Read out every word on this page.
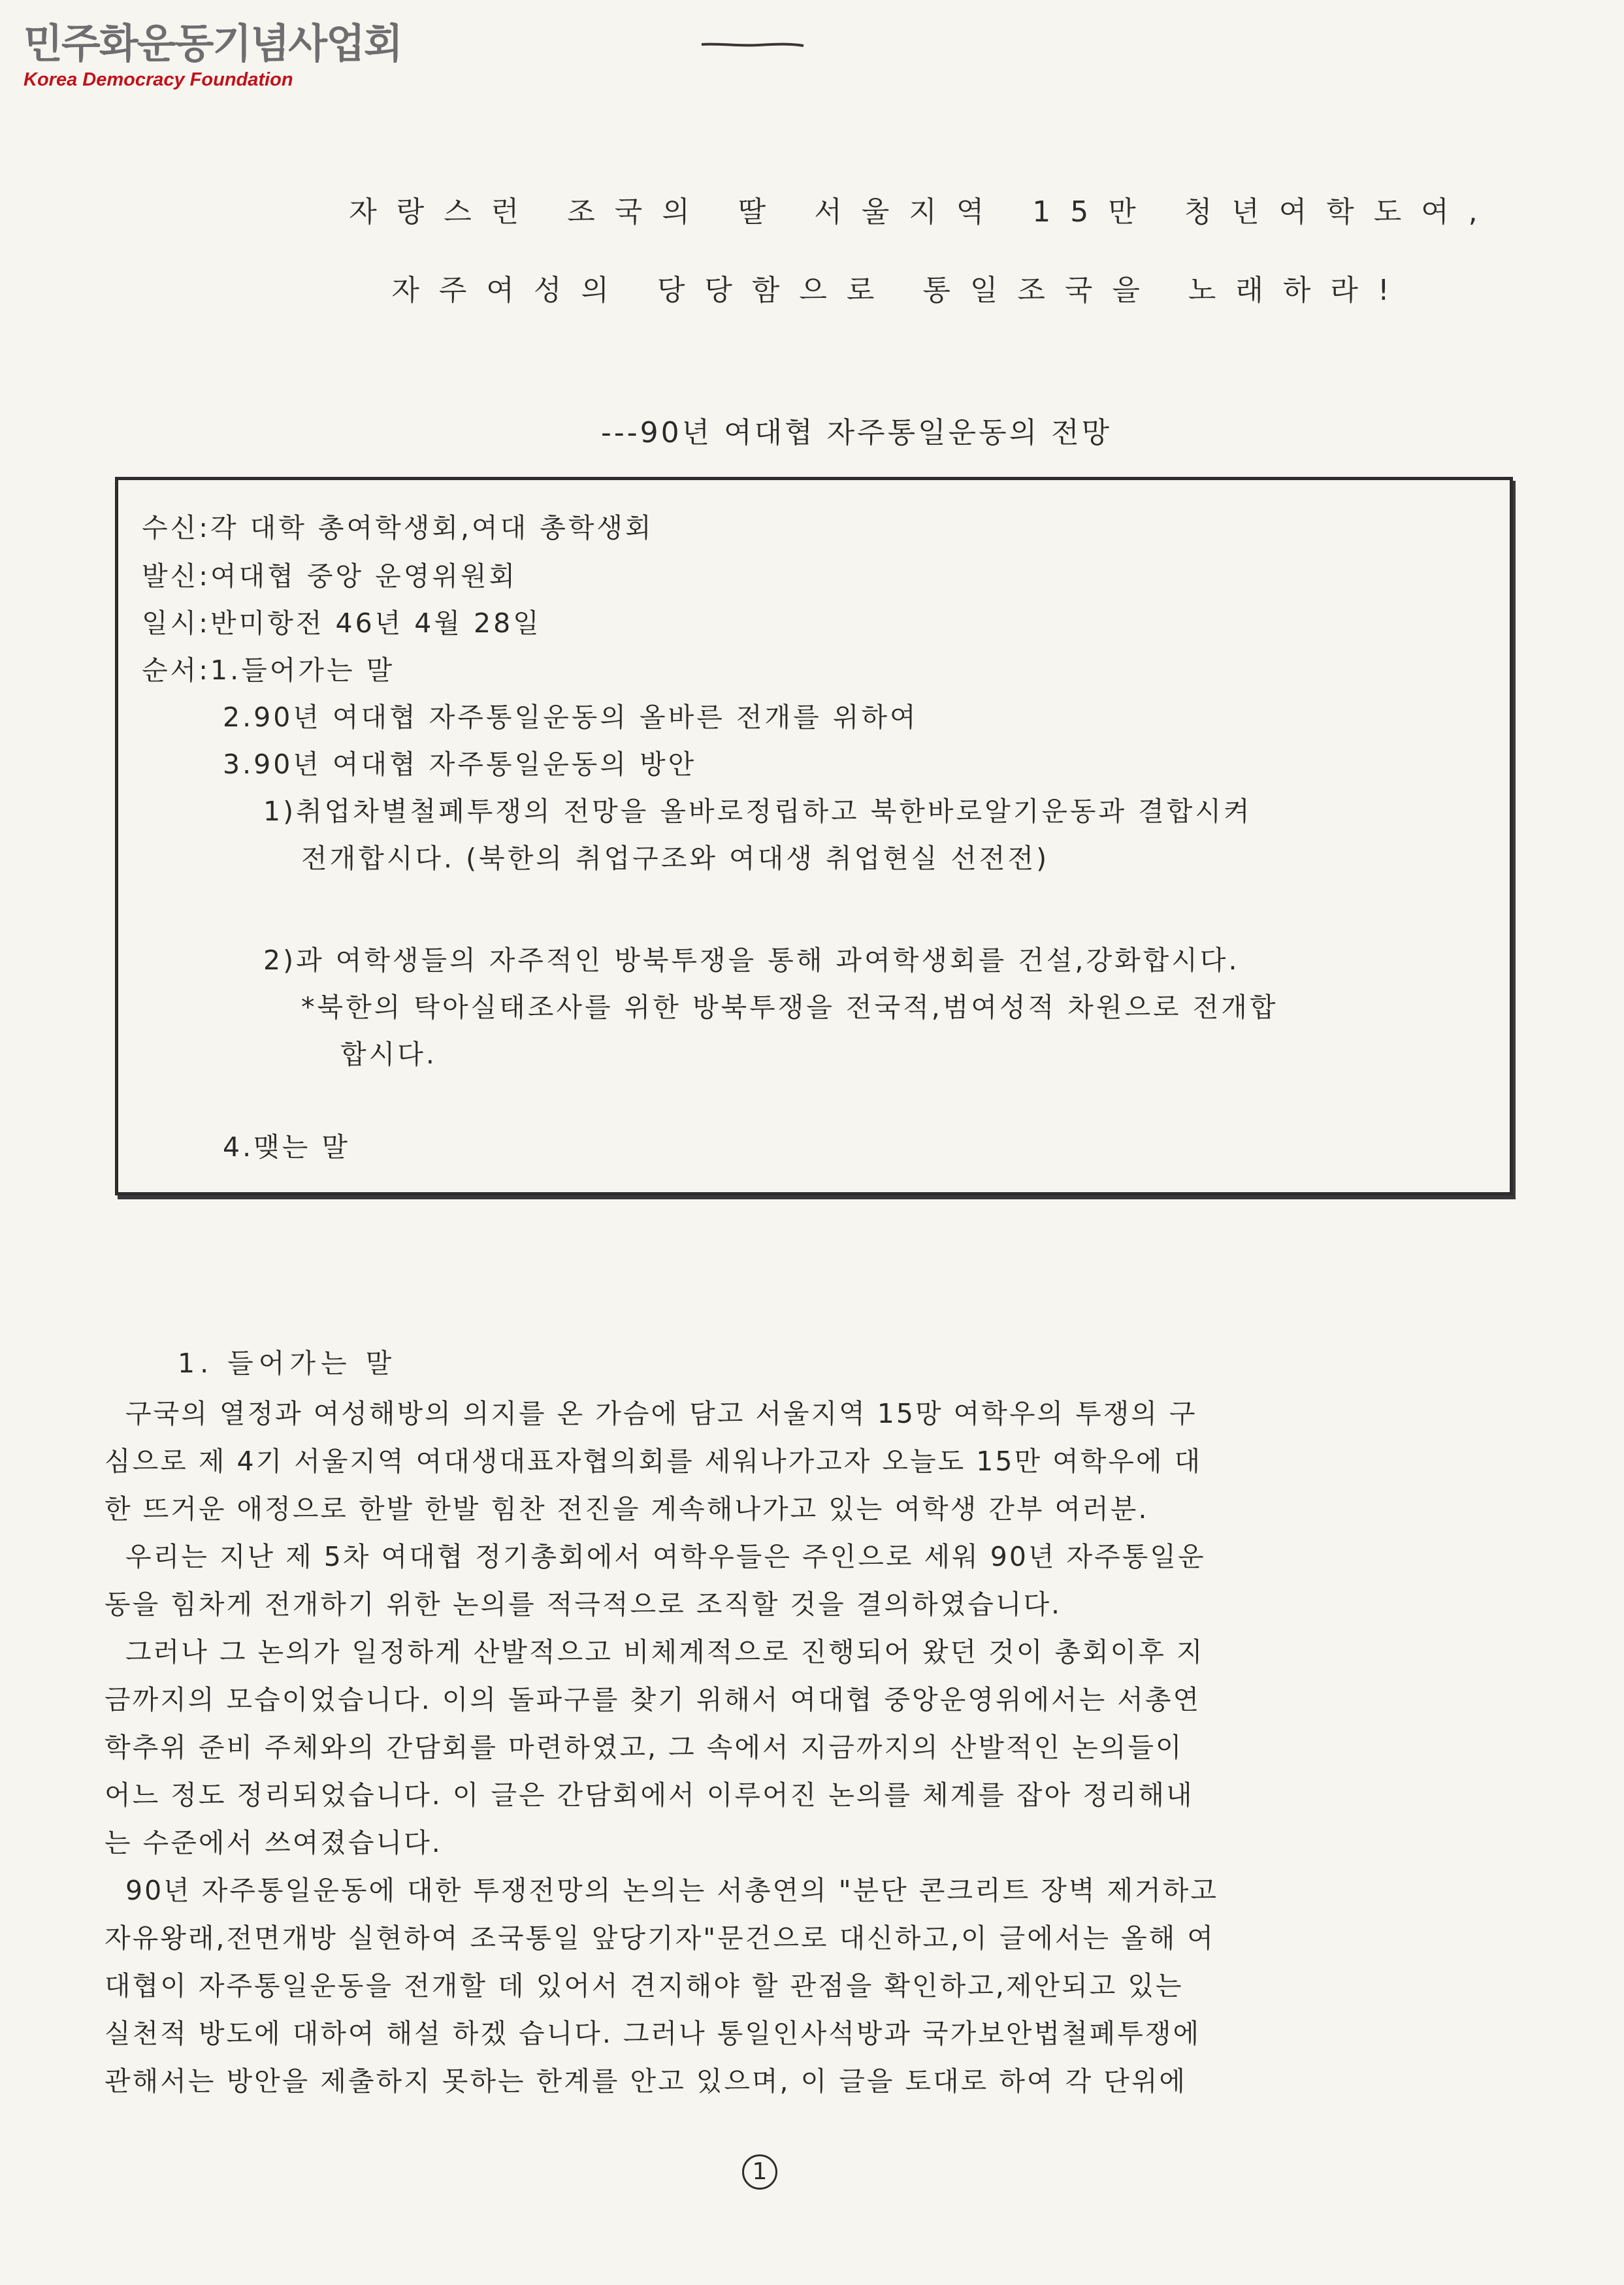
민주화운동기념사업회
Korea Democracy Foundation
자랑스런 조국의 딸 서울지역 15만 청년여학도여,
자주여성의 당당함으로 통일조국을 노래하라!
---90년 여대협 자주통일운동의 전망
수신:각 대학 총여학생회,여대 총학생회
발신:여대협 중앙 운영위원회
일시:반미항전 46년 4월 28일
순서:1.들어가는 말
2.90년 여대협 자주통일운동의 올바른 전개를 위하여
3.90년 여대협 자주통일운동의 방안
1)취업차별철폐투쟁의 전망을 올바로정립하고 북한바로알기운동과 결합시켜
전개합시다. (북한의 취업구조와 여대생 취업현실 선전전)
2)과 여학생들의 자주적인 방북투쟁을 통해 과여학생회를 건설,강화합시다.
*북한의 탁아실태조사를 위한 방북투쟁을 전국적,범여성적 차원으로 전개합
합시다.
4.맺는 말
1. 들어가는 말
구국의 열정과 여성해방의 의지를 온 가슴에 담고 서울지역 15망 여학우의 투쟁의 구
심으로 제 4기 서울지역 여대생대표자협의회를 세워나가고자 오늘도 15만 여학우에 대
한 뜨거운 애정으로 한발 한발 힘찬 전진을 계속해나가고 있는 여학생 간부 여러분.
우리는 지난 제 5차 여대협 정기총회에서 여학우들은 주인으로 세워 90년 자주통일운
동을 힘차게 전개하기 위한 논의를 적극적으로 조직할 것을 결의하였습니다.
그러나 그 논의가 일정하게 산발적으고 비체계적으로 진행되어 왔던 것이 총회이후 지
금까지의 모습이었습니다. 이의 돌파구를 찾기 위해서 여대협 중앙운영위에서는 서총연
학추위 준비 주체와의 간담회를 마련하였고, 그 속에서 지금까지의 산발적인 논의들이
어느 정도 정리되었습니다. 이 글은 간담회에서 이루어진 논의를 체계를 잡아 정리해내
는 수준에서 쓰여졌습니다.
90년 자주통일운동에 대한 투쟁전망의 논의는 서총연의 "분단 콘크리트 장벽 제거하고
자유왕래,전면개방 실현하여 조국통일 앞당기자"문건으로 대신하고,이 글에서는 올해 여
대협이 자주통일운동을 전개할 데 있어서 견지해야 할 관점을 확인하고,제안되고 있는
실천적 방도에 대하여 해설 하겠 습니다. 그러나 통일인사석방과 국가보안법철폐투쟁에
관해서는 방안을 제출하지 못하는 한계를 안고 있으며, 이 글을 토대로 하여 각 단위에
1
